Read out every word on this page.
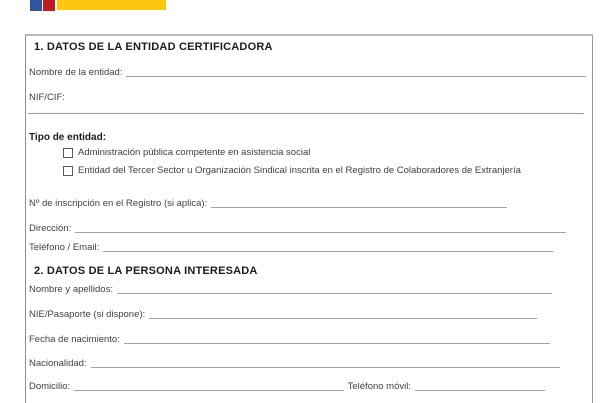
1. DATOS DE LA ENTIDAD CERTIFICADORA
Nombre de la entidad:
NIF/CIF:
Tipo de entidad:
Administración pública competente en asistencia social
Entidad del Tercer Sector u Organización Sindical inscrita en el Registro de Colaboradores de Extranjería
Nº de inscripción en el Registro (si aplica):
Dirección:
Teléfono / Email:
2. DATOS DE LA PERSONA INTERESADA
Nombre y apellidos:
NIE/Pasaporte (si dispone):
Fecha de nacimiento:
Nacionalidad:
Domicilio:	Teléfono móvil:
